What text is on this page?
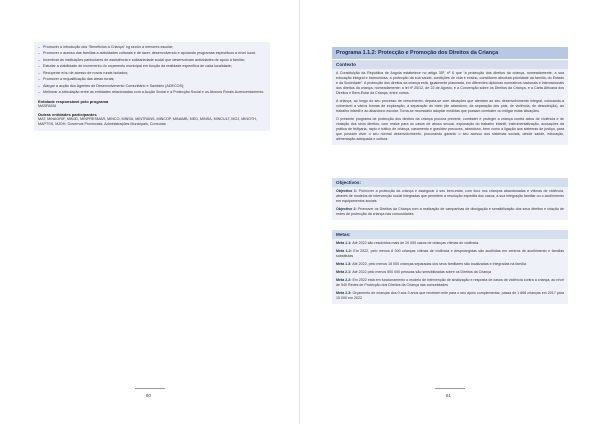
– Promover a introdução dos “Benefícios à Criança” ng sector a menores escolar;
– Promover o acesso das famílias a actividades culturais e de lazer, desenvolvendo e apoiando programas específicos a nível local;
– Incentivar as instituições particulares de assistência e solidariedade social que desenvolvam actividades de apoio à família;
– Estudar a viabilidade de incremento do orçamento municipal em função da realidade específica de cada localidade;
– Recuperar e/ou de acesso de novos rurais isolados;
– Promover a requalificação das áreas rurais;
– Alargar a acção dos Agentes de Desenvolvimento Comunitário e Sanitário (ADECOS);
– Melhorar a articulação entre as entidades relacionadas com a Acção Social e a Protecção Social e os Abonos Rurais Acrescentamento.
Entidade responsável pelo programa
MASFAMU
Outras entidades participantes
MAT, MINAGRIF, MINJD, MINPRESMAR, MINCO, MINSA, MINTRANS, MINCOP, MINAMB, MED, MINSA, MINCULT, MOJ, MINOTH, MAPTSS, MJDH, Governos Provinciais, Administrações Municipais, Comunas
80
Programa 1.1.2: Protecção e Promoção dos Direitos da Criança
Contexto

A Constituição da República de Angola estabelece no artigo 35º, nº 6 que “a protecção dos direitos da criança, nomeadamente, a sua educação integral e harmoniosa, a protecção da sua saúde, condições de vida e ensino, constituem absoluta prioridade da família, do Estado e da Sociedade”. A protecção dos direitos da criança está, igualmente plasmada, em diferentes diplomas normativos nacionais e internacionais dos direitos da criança, nomeadamente: a lei nº 25/12, de 22 de Agosto, e a Convenção sobre os Direitos da Criança, e a Carta Africana dos Direitos e Bem-Estar da Criança, entre outros.

A criança, ao longo do seu processo de crescimento, depara-se com situações que atentam ao seu desenvolvimento integral, colocando-a vulnerável a vários formas de exploração, à separação do meio (de abandono, da separação dos pais, de violência, de desnutrição), ao trabalho infantil e ao abandono escolar. Torna-se necessário adoptar medidas que possam combater ou mitigar estas situações.

O presente programa de protecção dos direitos da criança procura prevenir, combater e proteger a criança contra actos de violência e de violação dos seus direitos, com realce para os casos de abuso sexual, exploração do trabalho infantil, instrumentalização, acusações da prática de feitiçaria, rapto e tráfico de criança, casamento e gravidez precoces, abandono, bem como a ligação aos sistemas de justiça, para que possam viver o seu normal desenvolvimento, procurando garantir o seu acesso aos sistemas sociais, desde saúde, educação, alimentação adequada e cultura.

Objectivos:

Objectivo 1: Promover a protecção da criança e assegurar o seu bem-estar, com foco nos crianças abandonadas e vítimas de violência, através de modelos de intervenção social integradas que permitem a resolução expedita dos casos, a sua integração familiar ou o acolhimento em equipamentos sociais

Objectivo 2: Promover os Direitos da Criança com a realização de campanhas de divulgação e sensibilização dos seus direitos e criação de redes de protecção da criança nas comunidades

Metas:

Meta 1.1: Até 2022 são resolvidos mais de 20 000 casos de crianças vítimas de violência

Meta 1.2: Em 2022, pelo menos 8 000 crianças vítimas de violência e desprotegidas são acolhidas em centros de acolhimento e famílias substitutas

Meta 1.3: Até 2022, pelo menos 15 000 crianças separadas dos seus familiares são localizadas e integradas na família

Meta 2.1: Até 2022 pelo menos 500 000 pessoas são sensibilizadas sobre os Direitos da Criança

Meta 2.2: Em 2022 está em funcionamento o modelo de intervenção de sinalização e resposta de casos de violência contra a criança, ao nível de 540 Redes de Protecção dos Direitos da Criança nas comunidades

Meta 2.3: Orçamento de crianças dos 0 aos 3 anos que recebem leite para o seu apoio complementar, passa de 1 868 crianças em 2017 para 15 000 em 2022

81
